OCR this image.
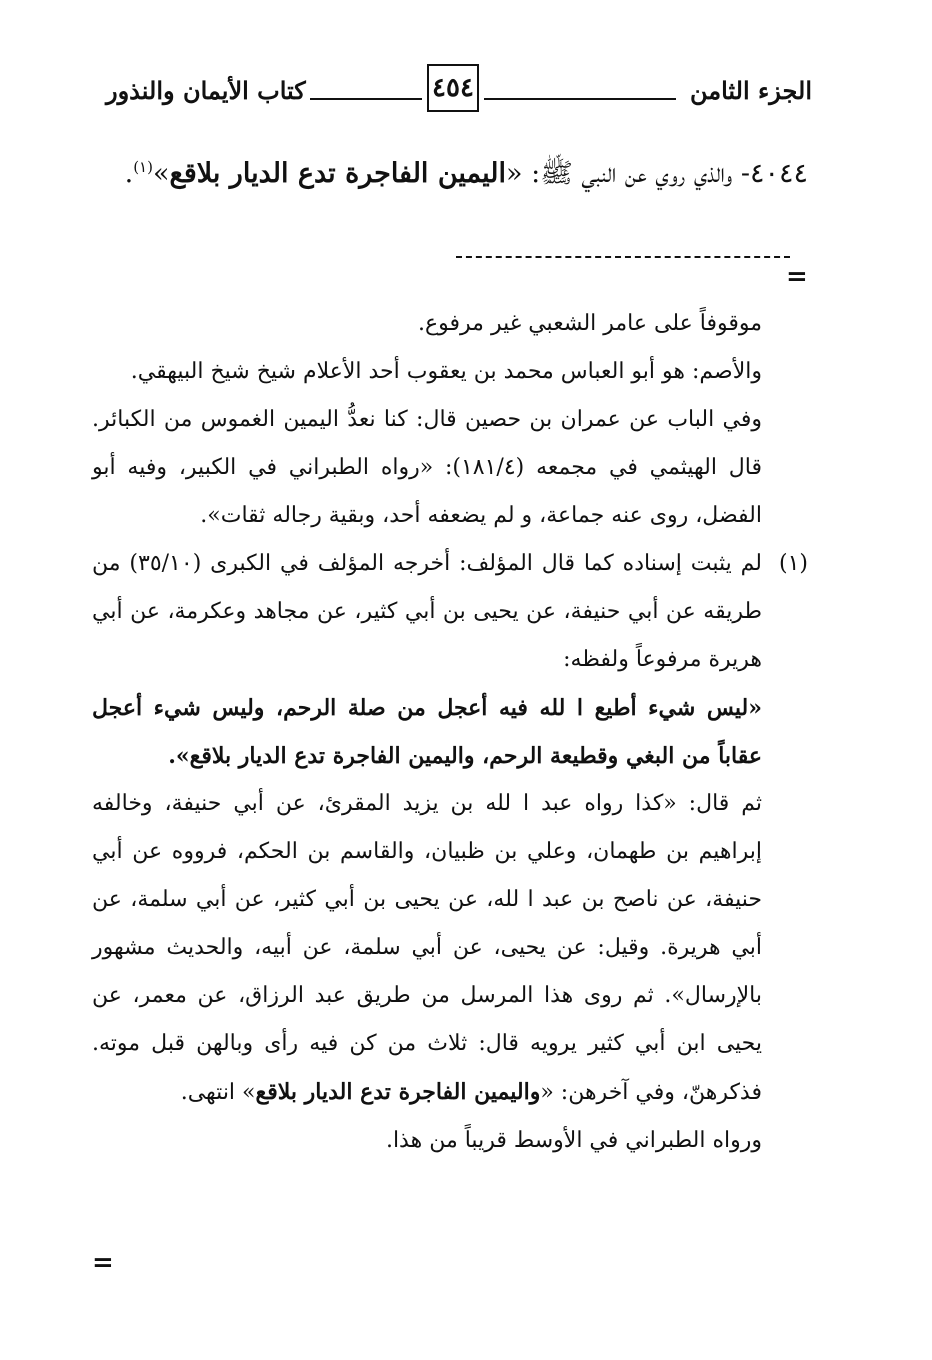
الجزء الثامن
٤٥٤
كتاب الأيمان والنذور
٤٠٤٤- والذي روي عن النبي ﷺ: «اليمين الفاجرة تدع الديار بلاقع»$^{(١)}$.
=

موقوفاً على عامر الشعبي غير مرفوع.

والأصم: هو أبو العباس محمد بن يعقوب أحد الأعلام شيخ شيخ البيهقي.

وفي الباب عن عمران بن حصين قال: كنا نعدُّ اليمين الغموس من الكبائر. قال الهيثمي في مجمعه (١٨١/٤): «رواه الطبراني في الكبير، وفيه أبو الفضل، روى عنه جماعة، و لم يضعفه أحد، وبقية رجاله ثقات».

(١)
لم يثبت إسناده كما قال المؤلف: أخرجه المؤلف في الكبرى (٣٥/١٠) من طريقه عن أبي حنيفة، عن يحيى بن أبي كثير، عن مجاهد وعكرمة، عن أبي هريرة مرفوعاً ولفظه:

«ليس شيء أطيع ا لله فيه أعجل من صلة الرحم، وليس شيء أعجل عقاباً من البغي وقطيعة الرحم، واليمين الفاجرة تدع الديار بلاقع».

ثم قال: «كذا رواه عبد ا لله بن يزيد المقرئ، عن أبي حنيفة، وخالفه إبراهيم بن طهمان، وعلي بن ظبيان، والقاسم بن الحكم، فرووه عن أبي حنيفة، عن ناصح بن عبد ا لله، عن يحيى بن أبي كثير، عن أبي سلمة، عن أبي هريرة. وقيل: عن يحيى، عن أبي سلمة، عن أبيه، والحديث مشهور بالإرسال». ثم روى هذا المرسل من طريق عبد الرزاق، عن معمر، عن يحيى ابن أبي كثير يرويه قال: ثلاث من كن فيه رأى وبالهن قبل موته. فذكرهنّ، وفي آخرهن: «واليمين الفاجرة تدع الديار بلاقع» انتهى.

ورواه الطبراني في الأوسط قريباً من هذا.

=
